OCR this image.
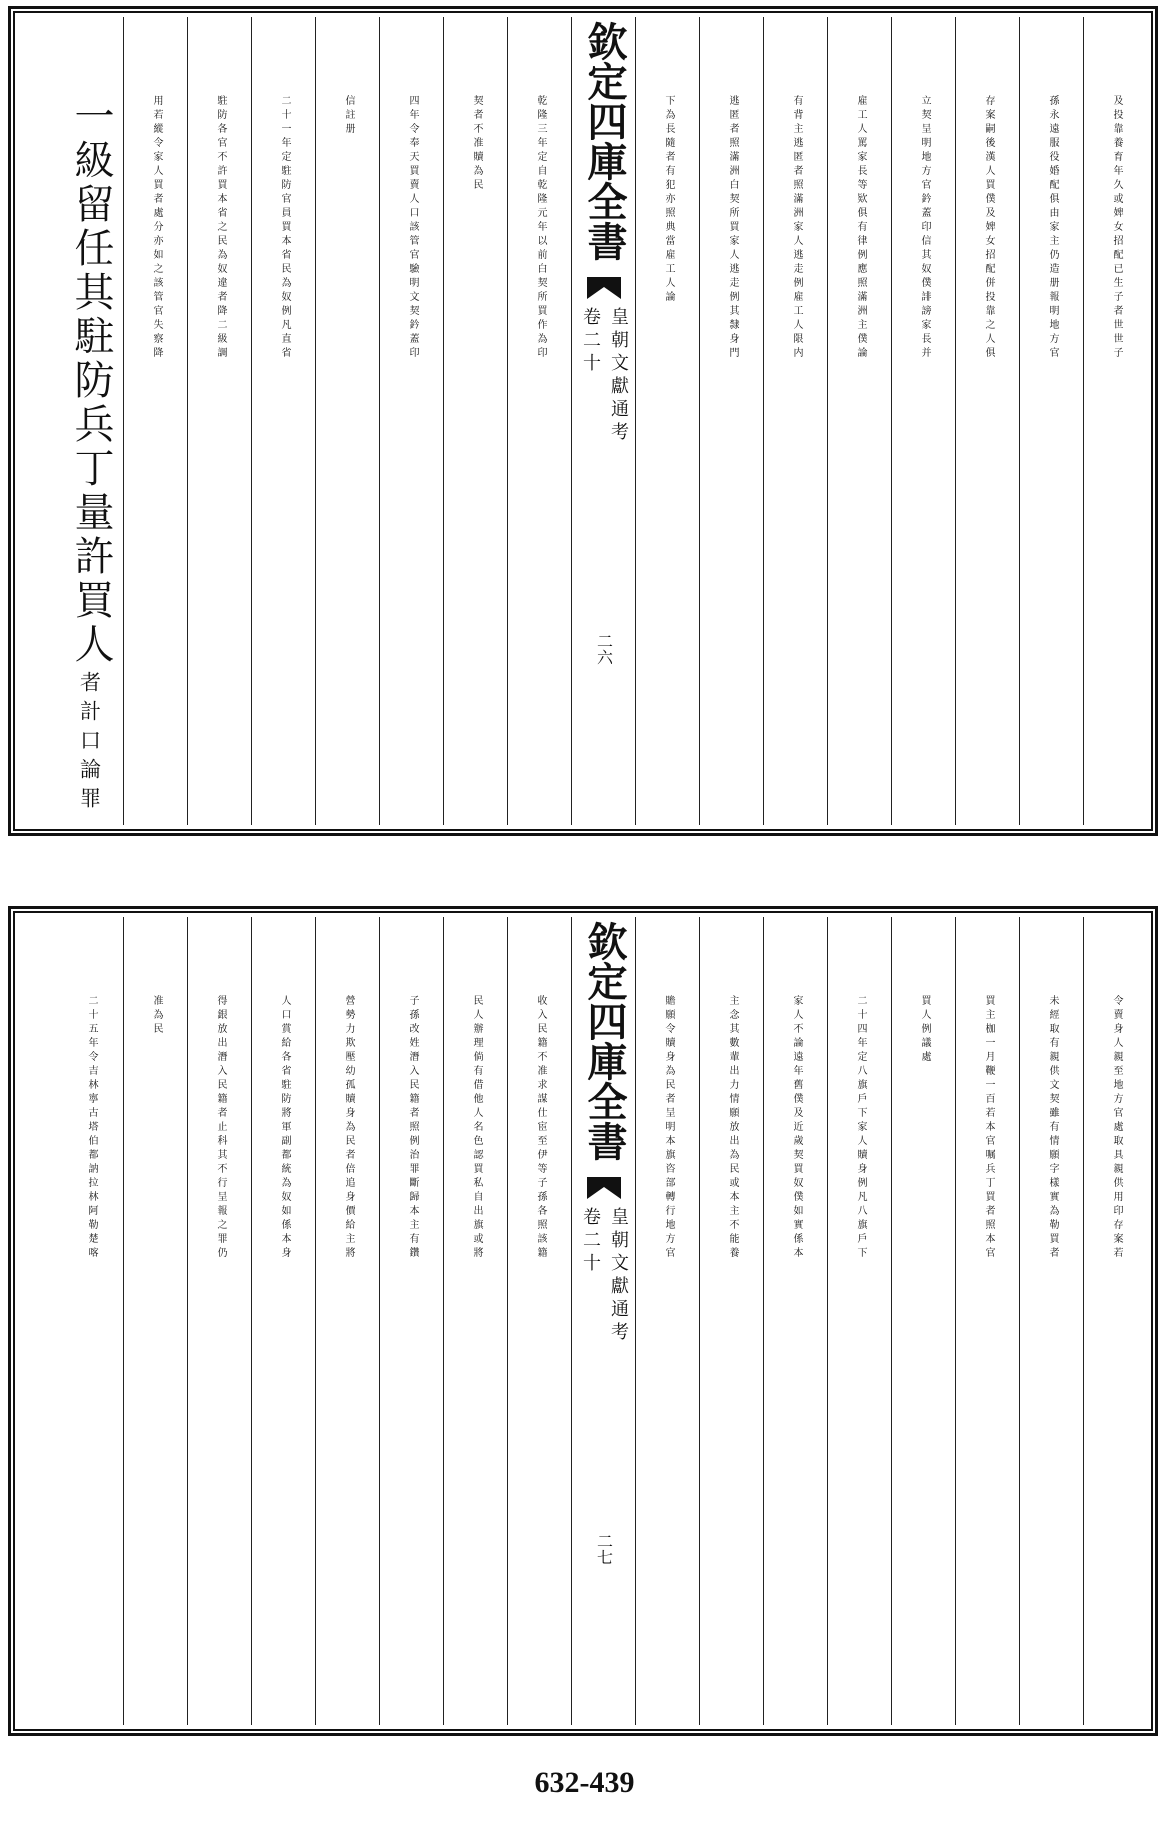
及投靠養育年久或婢女招配已生子者世世子
孫永遠服役婚配俱由家主仍造册報明地方官
存案嗣後漢人買僕及婢女招配併投靠之人俱
立契呈明地方官鈐蓋印信其奴僕誹謗家長并
雇工人罵家長等欵俱有律例應照滿洲主僕論
有背主逃匿者照滿洲家人逃走例雇工人限内
逃匿者照滿洲白契所買家人逃走例其隸身門
下為長隨者有犯亦照典當雇工人論
欽定四庫全書
皇朝文獻通考
卷二十
二六
乾隆三年定自乾隆元年以前白契所買作為印
契者不准贖為民
四年令奉天買賣人口該管官驗明文契鈐蓋印
信註册
二十一年定駐防官員買本省民為奴例凡直省
駐防各官不許買本省之民為奴違者降二級調
用若縱令家人買者處分亦如之該管官失察降
一級留任其駐防兵丁量許買人
者計口論罪
令賣身人親至地方官處取具親供用印存案若
未經取有親供文契雖有情願字樣實為勒買者
買主枷一月鞭一百若本官嘱兵丁買者照本官
買人例議處
二十四年定八旗戶下家人贖身例凡八旗戶下
家人不論遠年舊僕及近歲契買奴僕如實係本
主念其數輩出力情願放出為民或本主不能養
贍願令贖身為民者呈明本旗咨部轉行地方官
欽定四庫全書
皇朝文獻通考
卷二十
二七
收入民籍不准求謀仕宦至伊等子孫各照該籍
民人辦理倘有借他人名色認買私自出旗或將
子孫改姓潛入民籍者照例治罪斷歸本主有鑽
營勢力欺壓幼孤贖身為民者倍追身價給主將
人口賞給各省駐防將軍副都統為奴如係本身
得銀放出潛入民籍者止科其不行呈報之罪仍
准為民
二十五年令吉林寧古塔伯都訥拉林阿勒楚喀
632-439
